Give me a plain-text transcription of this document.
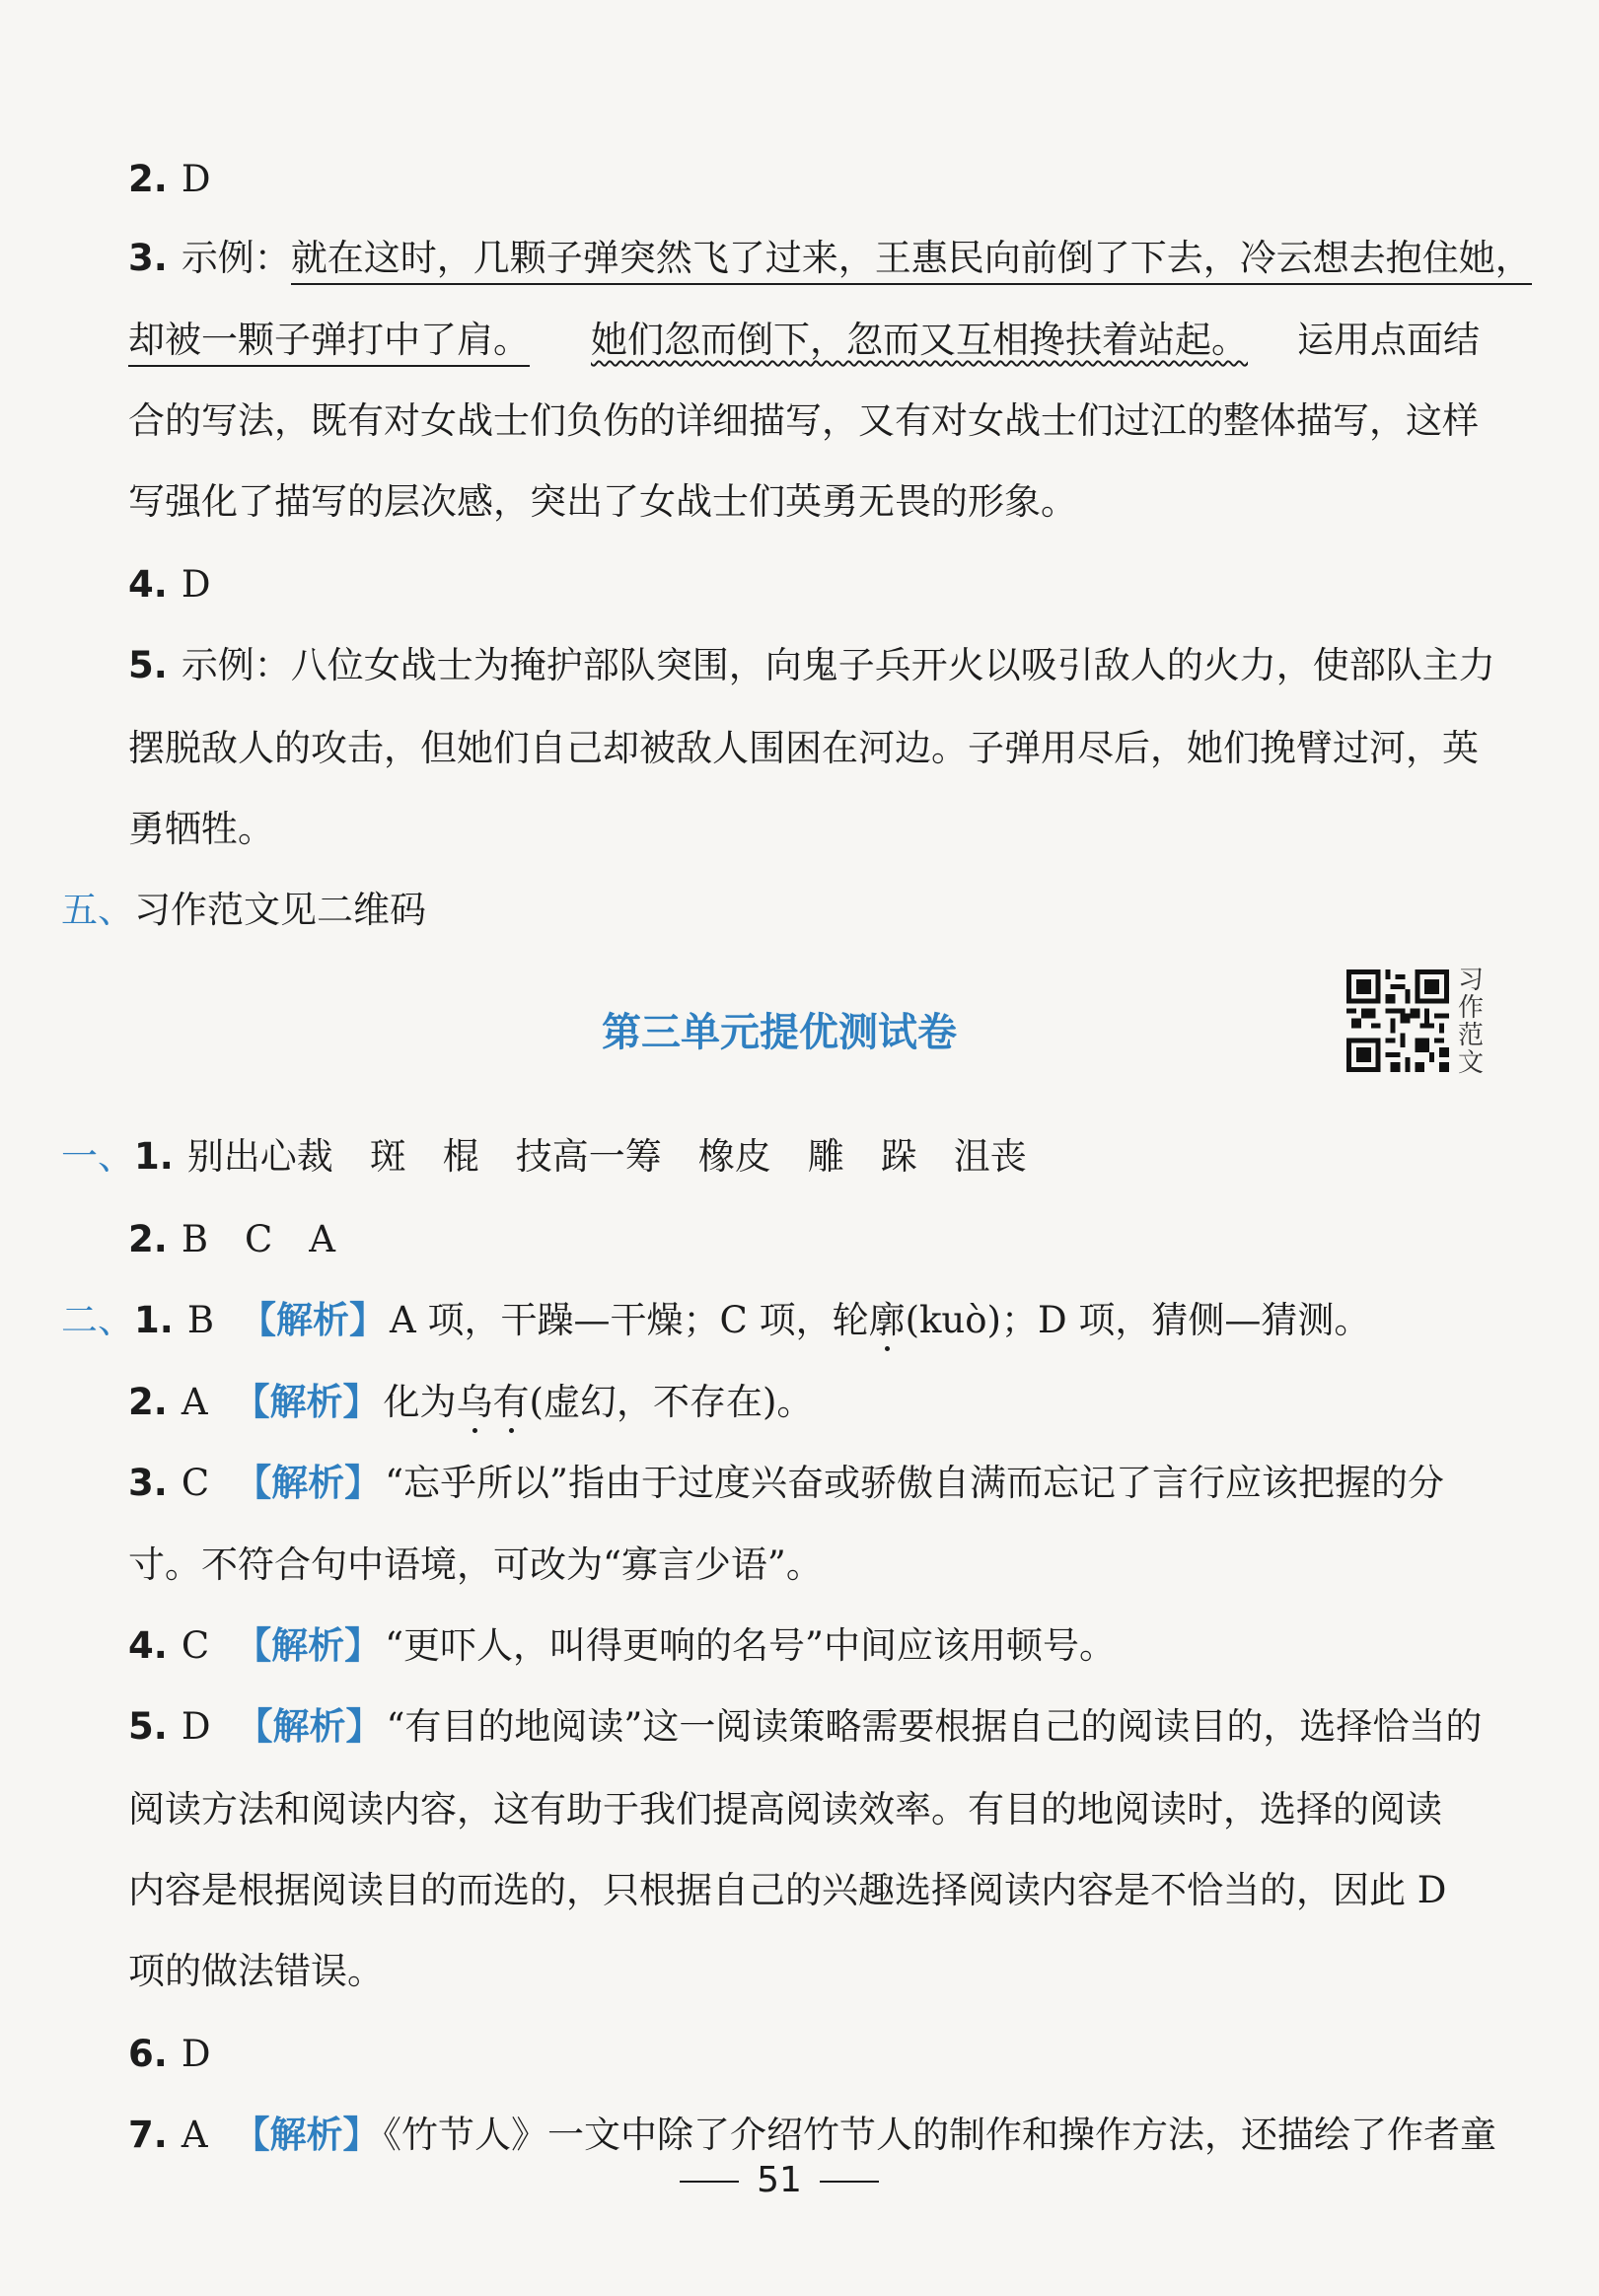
2. D
3. 示例：就在这时，几颗子弹突然飞了过来，王惠民向前倒了下去，冷云想去抱住她，
却被一颗子弹打中了肩。 她们忽而倒下，忽而又互相搀扶着站起。 运用点面结
合的写法，既有对女战士们负伤的详细描写，又有对女战士们过江的整体描写，这样
写强化了描写的层次感，突出了女战士们英勇无畏的形象。
4. D
5. 示例：八位女战士为掩护部队突围，向鬼子兵开火以吸引敌人的火力，使部队主力
摆脱敌人的攻击，但她们自己却被敌人围困在河边。子弹用尽后，她们挽臂过河，英
勇牺牲。
五、习作范文见二维码
第三单元提优测试卷
习作范文
一、1. 别出心裁　斑　棍　技高一筹　橡皮　雕　跺　沮丧
2. B　C　A
二、1. B 【解析】 A 项，干躁—干燥；C 项，轮廓(kuò)；D 项，猜侧—猜测。
2. A 【解析】 化为乌有(虚幻，不存在)。
3. C 【解析】 “忘乎所以”指由于过度兴奋或骄傲自满而忘记了言行应该把握的分
寸。不符合句中语境，可改为“寡言少语”。
4. C 【解析】 “更吓人，叫得更响的名号”中间应该用顿号。
5. D 【解析】 “有目的地阅读”这一阅读策略需要根据自己的阅读目的，选择恰当的
阅读方法和阅读内容，这有助于我们提高阅读效率。有目的地阅读时，选择的阅读
内容是根据阅读目的而选的，只根据自己的兴趣选择阅读内容是不恰当的，因此 D
项的做法错误。
6. D
7. A 【解析】 《竹节人》一文中除了介绍竹节人的制作和操作方法，还描绘了作者童
51
